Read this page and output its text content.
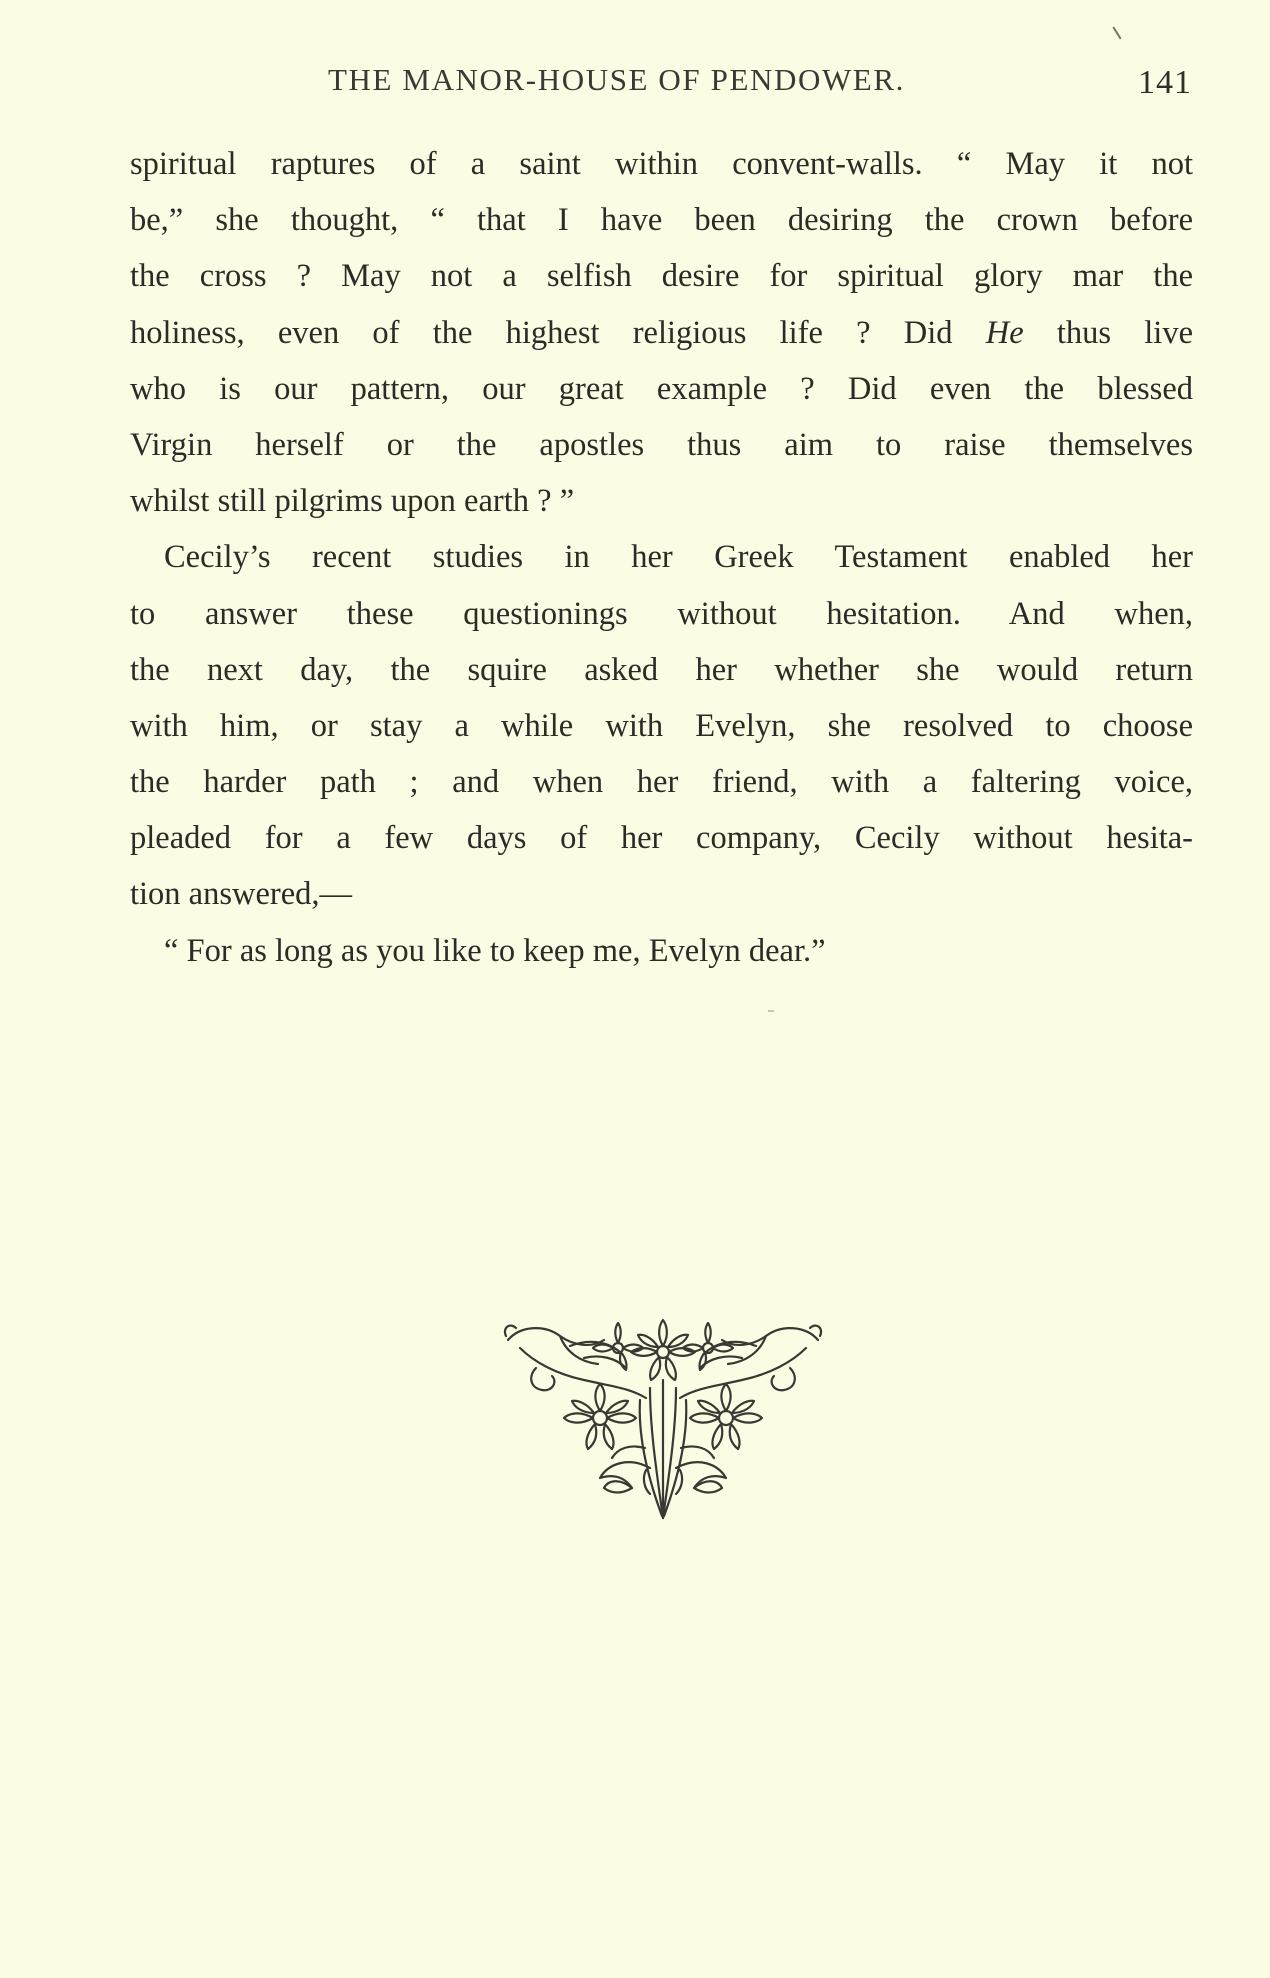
THE MANOR-HOUSE OF PENDOWER.	141
spiritual raptures of a saint within convent-walls. “ May it not
be,” she thought, “ that I have been desiring the crown before
the cross ? May not a selfish desire for spiritual glory mar the
holiness, even of the highest religious life ? Did He thus live
who is our pattern, our great example ? Did even the blessed
Virgin herself or the apostles thus aim to raise themselves
whilst still pilgrims upon earth ? ”
Cecily’s recent studies in her Greek Testament enabled her
to answer these questionings without hesitation. And when,
the next day, the squire asked her whether she would return
with him, or stay a while with Evelyn, she resolved to choose
the harder path ; and when her friend, with a faltering voice,
pleaded for a few days of her company, Cecily without hesita-
tion answered,—
“ For as long as you like to keep me, Evelyn dear.”
